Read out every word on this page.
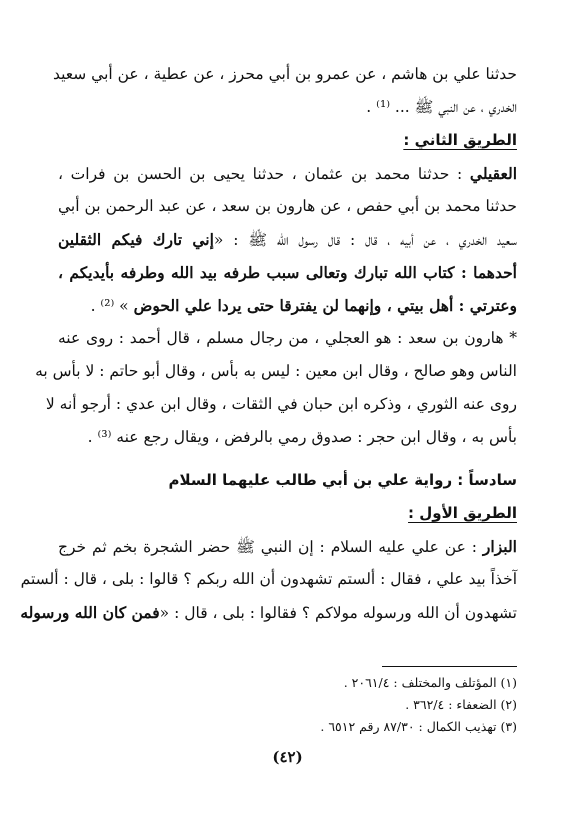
حدثنا علي بن هاشم ، عن عمرو بن أبي محرز ، عن عطية ، عن أبي سعيد
الخدري ، عن النبي ﷺ ... ⁽¹⁾ .
الطريق الثاني :
العقيلي : حدثنا محمد بن عثمان ، حدثنا يحيى بن الحسن بن فرات ،
حدثنا محمد بن أبي حفص ، عن هارون بن سعد ، عن عبد الرحمن بن أبي
سعيد الخدري ، عن أبيه ، قال : قال رسول الله ﷺ : «إني تارك فيكم الثقلين
أحدهما : كتاب الله تبارك وتعالى سبب طرفه بيد الله وطرفه بأيديكم ،
وعترتي : أهل بيتي ، وإنهما لن يفترقا حتى يردا علي الحوض » ⁽²⁾ .
* هارون بن سعد : هو العجلي ، من رجال مسلم ، قال أحمد : روى عنه
الناس وهو صالح ، وقال ابن معين : ليس به بأس ، وقال أبو حاتم : لا بأس به
روى عنه الثوري ، وذكره ابن حبان في الثقات ، وقال ابن عدي : أرجو أنه لا
بأس به ، وقال ابن حجر : صدوق رمي بالرفض ، ويقال رجع عنه ⁽³⁾ .
سادساً : رواية علي بن أبي طالب عليهما السلام
الطريق الأول :
البزار : عن علي عليه السلام : إن النبي ﷺ حضر الشجرة بخم ثم خرج
آخذاً بيد علي ، فقال : ألستم تشهدون أن الله ربكم ؟ قالوا : بلى ، قال : ألستم
تشهدون أن الله ورسوله مولاكم ؟ فقالوا : بلى ، قال : «فمن كان الله ورسوله
(١) المؤتلف والمختلف : ٢٠٦١/٤ .
(٢) الضعفاء : ٣٦٢/٤ .
(٣) تهذيب الكمال : ٨٧/٣٠ رقم ٦٥١٢ .
(٤٢)
